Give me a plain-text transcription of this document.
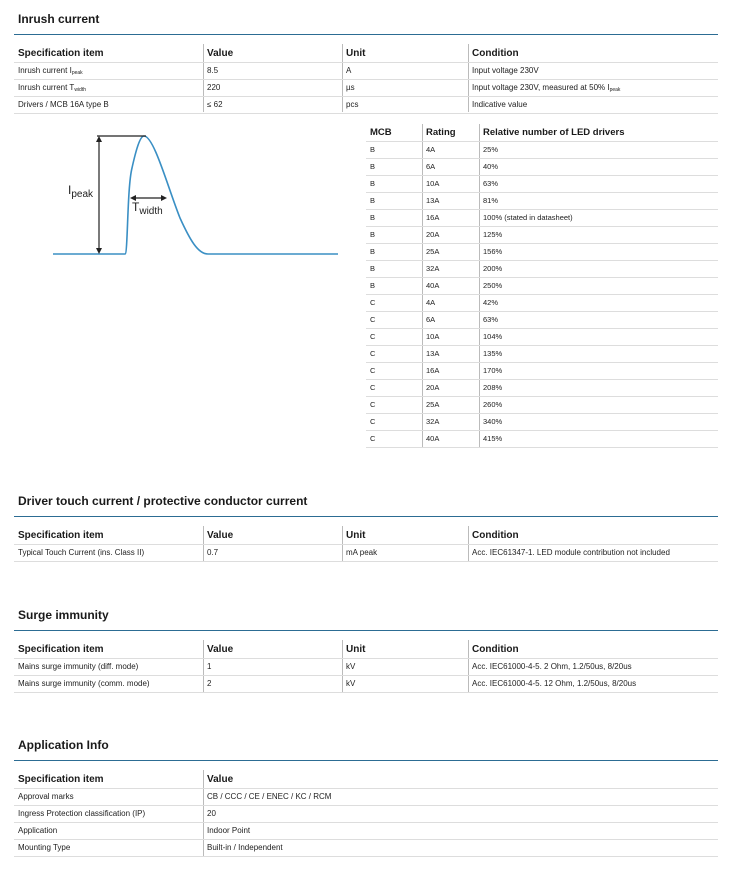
Inrush current
Specification item	Value	Unit	Condition
Inrush current $I_{peak}$	8.5	A	Input voltage 230V
Inrush current $T_{width}$	220	µs	Input voltage 230V, measured at 50% $I_{peak}$
Drivers / MCB 16A type B	≤ 62	pcs	Indicative value
$I_{peak}$
$T_{width}$
MCB	Rating	Relative number of LED drivers
B	4A	25%
B	6A	40%
B	10A	63%
B	13A	81%
B	16A	100% (stated in datasheet)
B	20A	125%
B	25A	156%
B	32A	200%
B	40A	250%
C	4A	42%
C	6A	63%
C	10A	104%
C	13A	135%
C	16A	170%
C	20A	208%
C	25A	260%
C	32A	340%
C	40A	415%
Driver touch current / protective conductor current
Specification item	Value	Unit	Condition
Typical Touch Current (ins. Class II)	0.7	mA peak	Acc. IEC61347-1. LED module contribution not included
Surge immunity
Specification item	Value	Unit	Condition
Mains surge immunity (diff. mode)	1	kV	Acc. IEC61000-4-5. 2 Ohm, 1.2/50us, 8/20us
Mains surge immunity (comm. mode)	2	kV	Acc. IEC61000-4-5. 12 Ohm, 1.2/50us, 8/20us
Application Info
Specification item	Value
Approval marks	CB / CCC / CE / ENEC / KC / RCM
Ingress Protection classification (IP)	20
Application	Indoor Point
Mounting Type	Built-in / Independent
